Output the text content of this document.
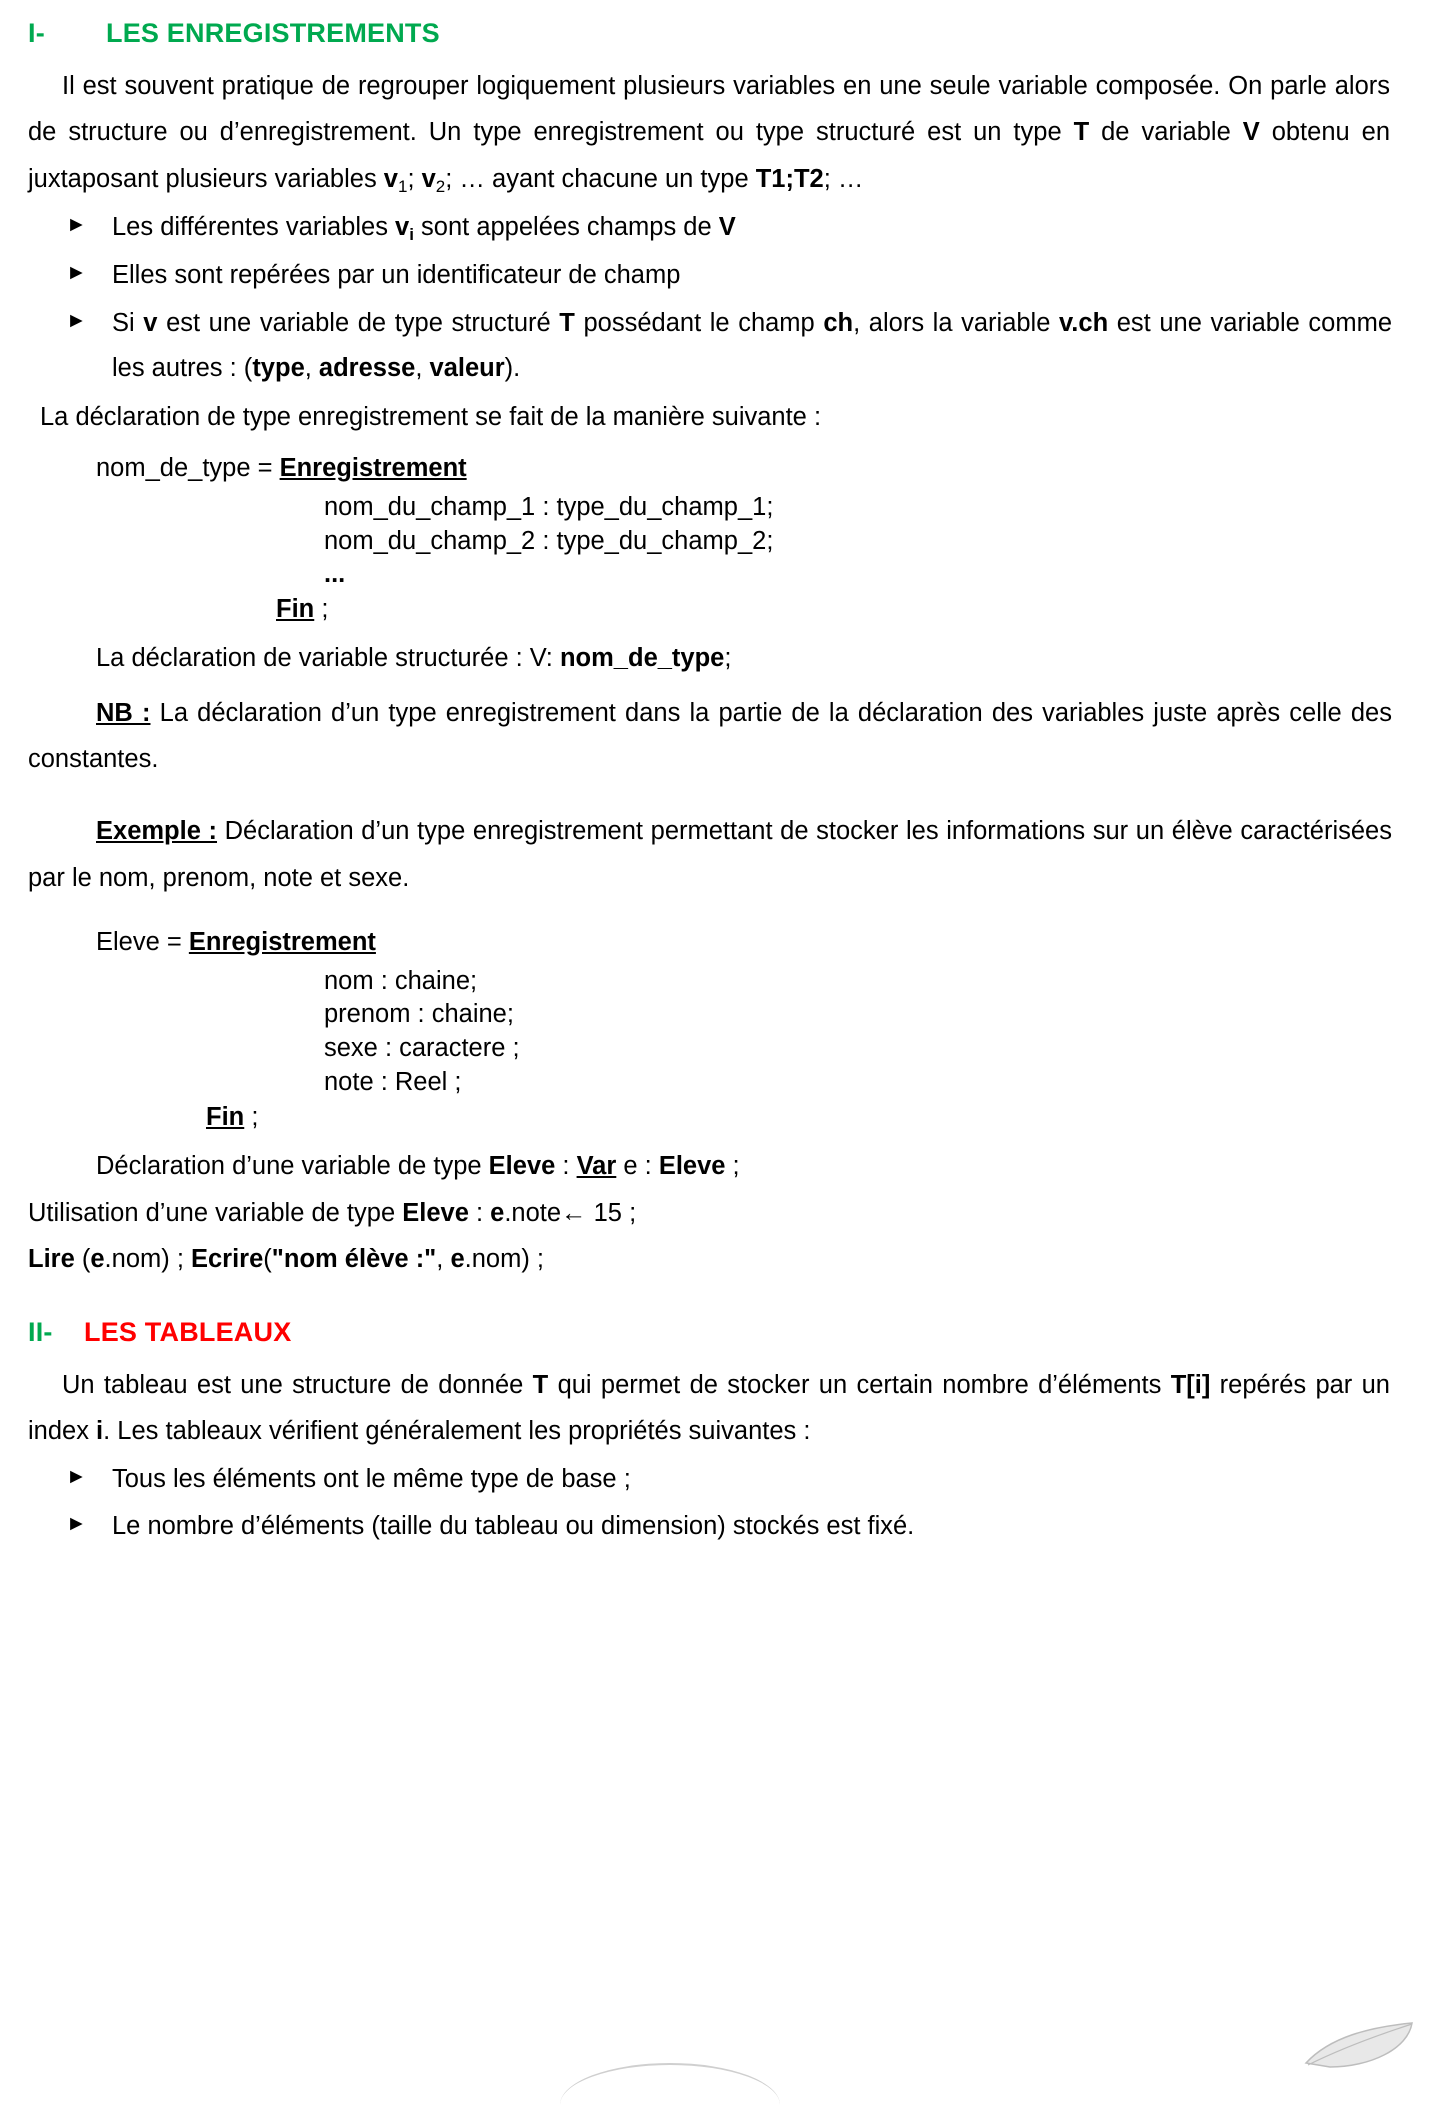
I- LES ENREGISTREMENTS

Il est souvent pratique de regrouper logiquement plusieurs variables en une seule variable composée. On parle alors de structure ou d’enregistrement. Un type enregistrement ou type structuré est un type T de variable V obtenu en juxtaposant plusieurs variables $v_1$; $v_2$; … ayant chacune un type T1;T2; …

► Les différentes variables $v_i$ sont appelées champs de V
► Elles sont repérées par un identificateur de champ
► Si v est une variable de type structuré T possédant le champ ch, alors la variable v.ch est une variable comme les autres : (type, adresse, valeur).

La déclaration de type enregistrement se fait de la manière suivante :

nom_de_type = Enregistrement
nom_du_champ_1 : type_du_champ_1;
nom_du_champ_2 : type_du_champ_2;
...
Fin ;
La déclaration de variable structurée : V: nom_de_type;

NB : La déclaration d’un type enregistrement dans la partie de la déclaration des variables juste après celle des constantes.

Exemple : Déclaration d’un type enregistrement permettant de stocker les informations sur un élève caractérisées par le nom, prenom, note et sexe.

Eleve = Enregistrement
nom : chaine;
prenom : chaine;
sexe : caractere ;
note : Reel ;
Fin ;
Déclaration d’une variable de type Eleve : Var e : Eleve ;
Utilisation d’une variable de type Eleve : e.note← 15 ;
Lire (e.nom) ; Ecrire("nom élève :", e.nom) ;
II- LES TABLEAUX

Un tableau est une structure de donnée T qui permet de stocker un certain nombre d’éléments T[i] repérés par un index i. Les tableaux vérifient généralement les propriétés suivantes :

► Tous les éléments ont le même type de base ;
► Le nombre d’éléments (taille du tableau ou dimension) stockés est fixé.
